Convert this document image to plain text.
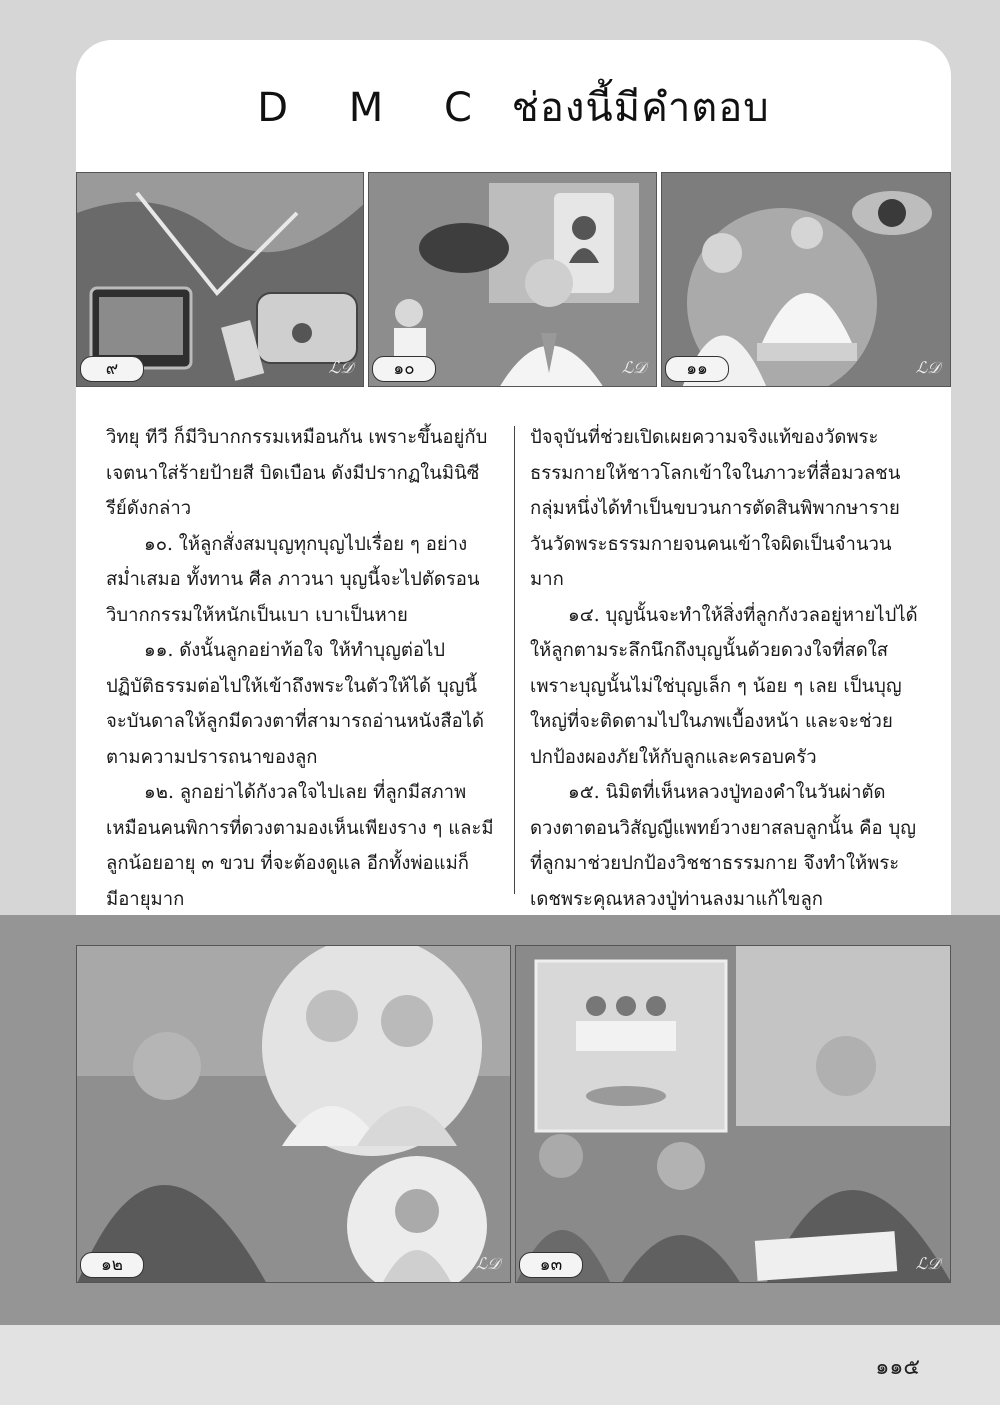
D M C ช่องนี้มีคำตอบ
๙	ℒ𝒟	๑๐	ℒ𝒟	๑๑	ℒ𝒟

วิทยุ ทีวี ก็มีวิบากกรรมเหมือนกัน เพราะขึ้นอยู่กับเจตนาใส่ร้ายป้ายสี บิดเบือน ดังมีปรากฏในมินิซีรีย์ดังกล่าว

๑๐. ให้ลูกสั่งสมบุญทุกบุญไปเรื่อย ๆ อย่างสม่ำเสมอ ทั้งทาน ศีล ภาวนา บุญนี้จะไปตัดรอนวิบากกรรมให้หนักเป็นเบา เบาเป็นหาย

๑๑. ดังนั้นลูกอย่าท้อใจ ให้ทำบุญต่อไป ปฏิบัติธรรมต่อไปให้เข้าถึงพระในตัวให้ได้ บุญนี้จะบันดาลให้ลูกมีดวงตาที่สามารถอ่านหนังสือได้ตามความปรารถนาของลูก

๑๒. ลูกอย่าได้กังวลใจไปเลย ที่ลูกมีสภาพเหมือนคนพิการที่ดวงตามองเห็นเพียงราง ๆ และมีลูกน้อยอายุ ๓ ขวบ ที่จะต้องดูแล อีกทั้งพ่อแม่ก็มีอายุมาก

ปัจจุบันที่ช่วยเปิดเผยความจริงแท้ของวัดพระธรรมกายให้ชาวโลกเข้าใจในภาวะที่สื่อมวลชนกลุ่มหนึ่งได้ทำเป็นขบวนการตัดสินพิพากษารายวันวัดพระธรรมกายจนคนเข้าใจผิดเป็นจำนวนมาก

๑๔. บุญนั้นจะทำให้สิ่งที่ลูกกังวลอยู่หายไปได้ ให้ลูกตามระลึกนึกถึงบุญนั้นด้วยดวงใจที่สดใส เพราะบุญนั้นไม่ใช่บุญเล็ก ๆ น้อย ๆ เลย เป็นบุญใหญ่ที่จะติดตามไปในภพเบื้องหน้า และจะช่วยปกป้องผองภัยให้กับลูกและครอบครัว

๑๕. นิมิตที่เห็นหลวงปู่ทองคำในวันผ่าตัดดวงตาตอนวิสัญญีแพทย์วางยาสลบลูกนั้น คือ บุญที่ลูกมาช่วยปกป้องวิชชาธรรมกาย จึงทำให้พระเดชพระคุณหลวงปู่ท่านลงมาแก้ไขลูก

๑๒	ℒ𝒟	๑๓	ℒ𝒟
๑๑๕
